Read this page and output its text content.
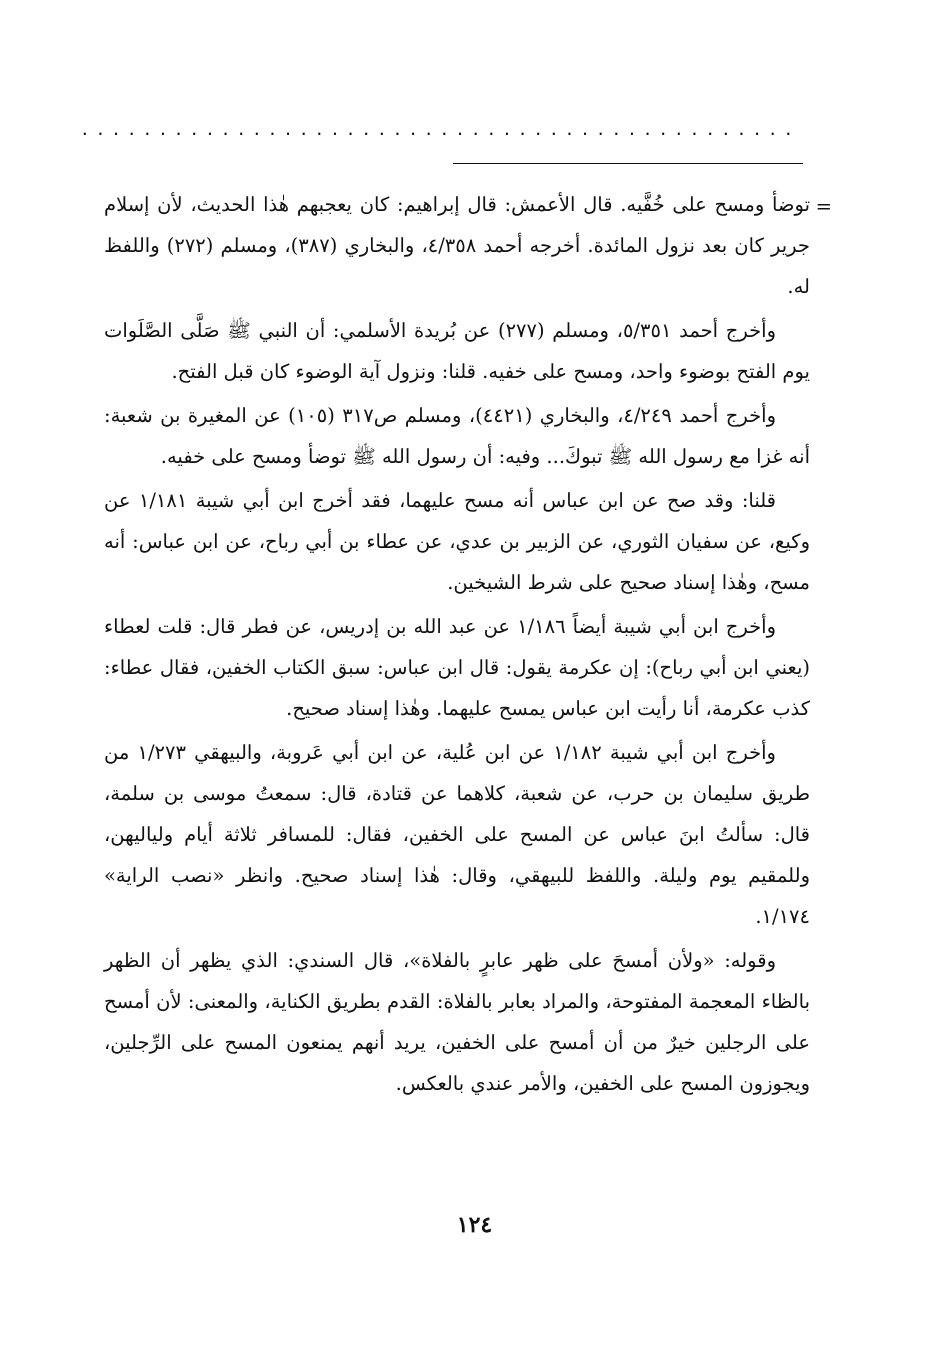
..............................................
=

توضأ ومسح على خُفَّيه. قال الأعمش: قال إبراهيم: كان يعجبهم هٰذا الحديث، لأن إسلام جرير كان بعد نزول المائدة. أخرجه أحمد ٤/٣٥٨، والبخاري (٣٨٧)، ومسلم (٢٧٢) واللفظ له.

وأخرج أحمد ٥/٣٥١، ومسلم (٢٧٧) عن بُريدة الأسلمي: أن النبي ﷺ صَلَّى الصَّلَوات يوم الفتح بوضوء واحد، ومسح على خفيه. قلنا: ونزول آية الوضوء كان قبل الفتح.

وأخرج أحمد ٤/٢٤٩، والبخاري (٤٤٢١)، ومسلم ص٣١٧ (١٠٥) عن المغيرة بن شعبة: أنه غزا مع رسول الله ﷺ تبوكَ... وفيه: أن رسول الله ﷺ توضأ ومسح على خفيه.

قلنا: وقد صح عن ابن عباس أنه مسح عليهما، فقد أخرج ابن أبي شيبة ١/١٨١ عن وكيع، عن سفيان الثوري، عن الزبير بن عدي، عن عطاء بن أبي رباح، عن ابن عباس: أنه مسح، وهٰذا إسناد صحيح على شرط الشيخين.

وأخرج ابن أبي شيبة أيضاً ١/١٨٦ عن عبد الله بن إدريس، عن فطر قال: قلت لعطاء (يعني ابن أبي رباح): إن عكرمة يقول: قال ابن عباس: سبق الكتاب الخفين، فقال عطاء: كذب عكرمة، أنا رأيت ابن عباس يمسح عليهما. وهٰذا إسناد صحيح.

وأخرج ابن أبي شيبة ١/١٨٢ عن ابن عُلية، عن ابن أبي عَروبة، والبيهقي ١/٢٧٣ من طريق سليمان بن حرب، عن شعبة، كلاهما عن قتادة، قال: سمعتُ موسى بن سلمة، قال: سألتُ ابنَ عباس عن المسح على الخفين، فقال: للمسافر ثلاثة أيام ولياليهن، وللمقيم يوم وليلة. واللفظ للبيهقي، وقال: هٰذا إسناد صحيح. وانظر «نصب الراية» ١/١٧٤.

وقوله: «ولأن أمسحَ على ظهر عابرٍ بالفلاة»، قال السندي: الذي يظهر أن الظهر بالظاء المعجمة المفتوحة، والمراد بعابر بالفلاة: القدم بطريق الكناية، والمعنى: لأن أمسح على الرجلين خيرٌ من أن أمسح على الخفين، يريد أنهم يمنعون المسح على الرِّجلين، ويجوزون المسح على الخفين، والأمر عندي بالعكس.

١٢٤
